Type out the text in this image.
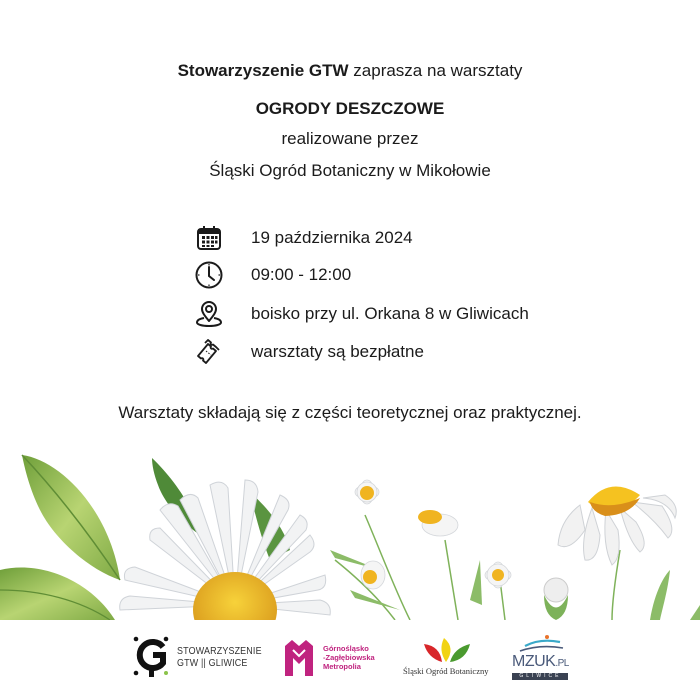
Stowarzyszenie GTW zaprasza na warsztaty
OGRODY DESZCZOWE
realizowane przez
Śląski Ogród Botaniczny w Mikołowie
19 października 2024
09:00 - 12:00
boisko przy ul. Orkana 8 w Gliwicach
warsztaty są bezpłatne
Warsztaty składają się z części teoretycznej oraz praktycznej.
STOWARZYSZENIE
GTW || GLIWICE
Górnośląsko
-Zagłębiowska
Metropolia	Śląski Ogród Botaniczny
MZUK.PL
GLIWICE
